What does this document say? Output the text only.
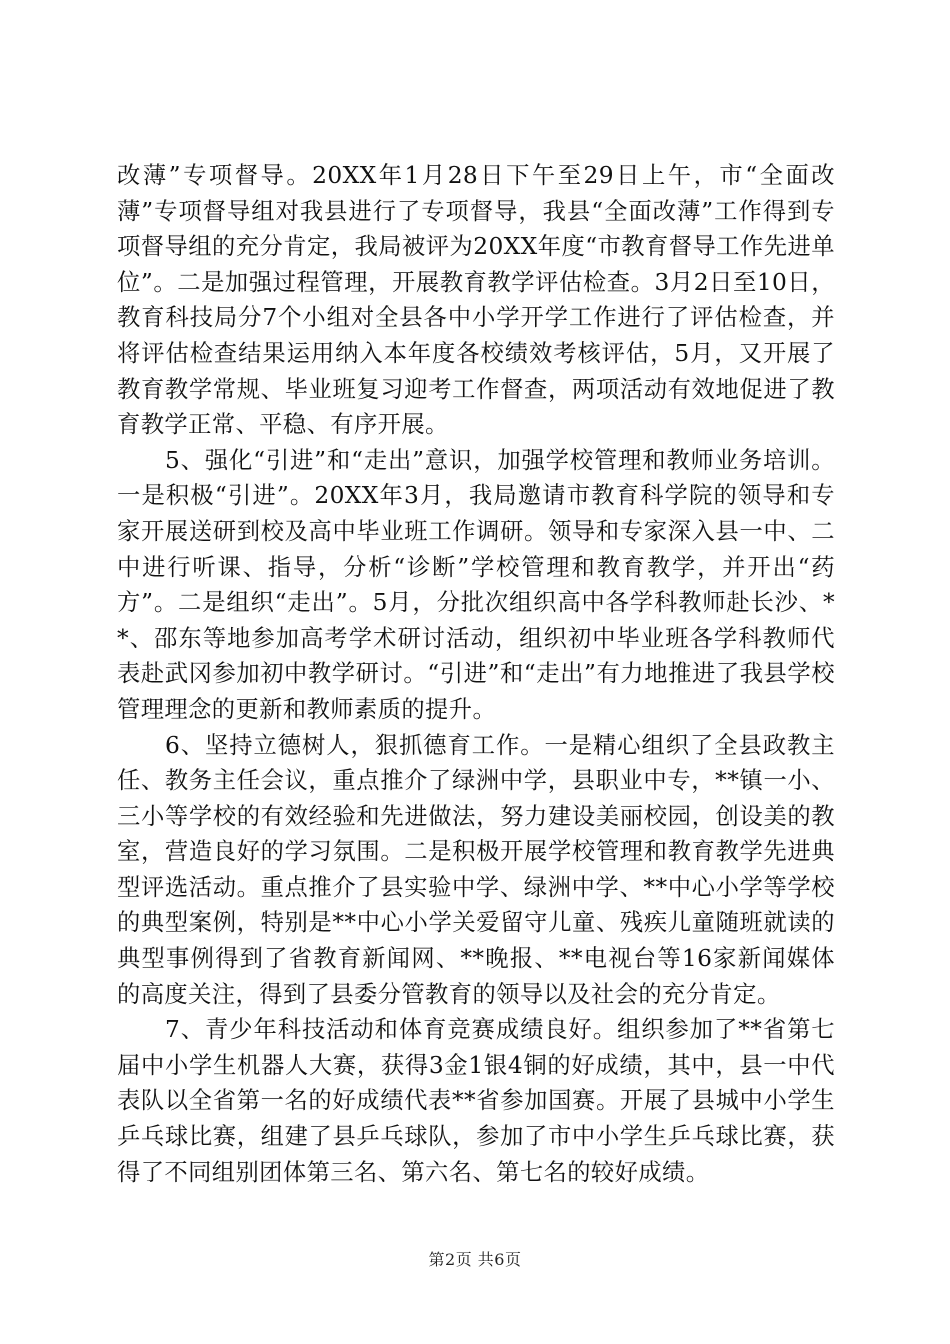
改薄”专项督导。20XX年1月28日下午至29日上午，市“全面改薄”专项督导组对我县进行了专项督导，我县“全面改薄”工作得到专项督导组的充分肯定，我局被评为20XX年度“市教育督导工作先进单位”。二是加强过程管理，开展教育教学评估检查。3月2日至10日，教育科技局分7个小组对全县各中小学开学工作进行了评估检查，并将评估检查结果运用纳入本年度各校绩效考核评估，5月，又开展了教育教学常规、毕业班复习迎考工作督查，两项活动有效地促进了教育教学正常、平稳、有序开展。

5、强化“引进”和“走出”意识，加强学校管理和教师业务培训。一是积极“引进”。20XX年3月，我局邀请市教育科学院的领导和专家开展送研到校及高中毕业班工作调研。领导和专家深入县一中、二中进行听课、指导，分析“诊断”学校管理和教育教学，并开出“药方”。二是组织“走出”。5月，分批次组织高中各学科教师赴长沙、**、邵东等地参加高考学术研讨活动，组织初中毕业班各学科教师代表赴武冈参加初中教学研讨。“引进”和“走出”有力地推进了我县学校管理理念的更新和教师素质的提升。

6、坚持立德树人，狠抓德育工作。一是精心组织了全县政教主任、教务主任会议，重点推介了绿洲中学，县职业中专，**镇一小、三小等学校的有效经验和先进做法，努力建设美丽校园，创设美的教室，营造良好的学习氛围。二是积极开展学校管理和教育教学先进典型评选活动。重点推介了县实验中学、绿洲中学、**中心小学等学校的典型案例，特别是**中心小学关爱留守儿童、残疾儿童随班就读的典型事例得到了省教育新闻网、**晚报、**电视台等16家新闻媒体的高度关注，得到了县委分管教育的领导以及社会的充分肯定。

7、青少年科技活动和体育竞赛成绩良好。组织参加了**省第七届中小学生机器人大赛，获得3金1银4铜的好成绩，其中，县一中代表队以全省第一名的好成绩代表**省参加国赛。开展了县城中小学生乒乓球比赛，组建了县乒乓球队，参加了市中小学生乒乓球比赛，获得了不同组别团体第三名、第六名、第七名的较好成绩。

第2页 共6页
